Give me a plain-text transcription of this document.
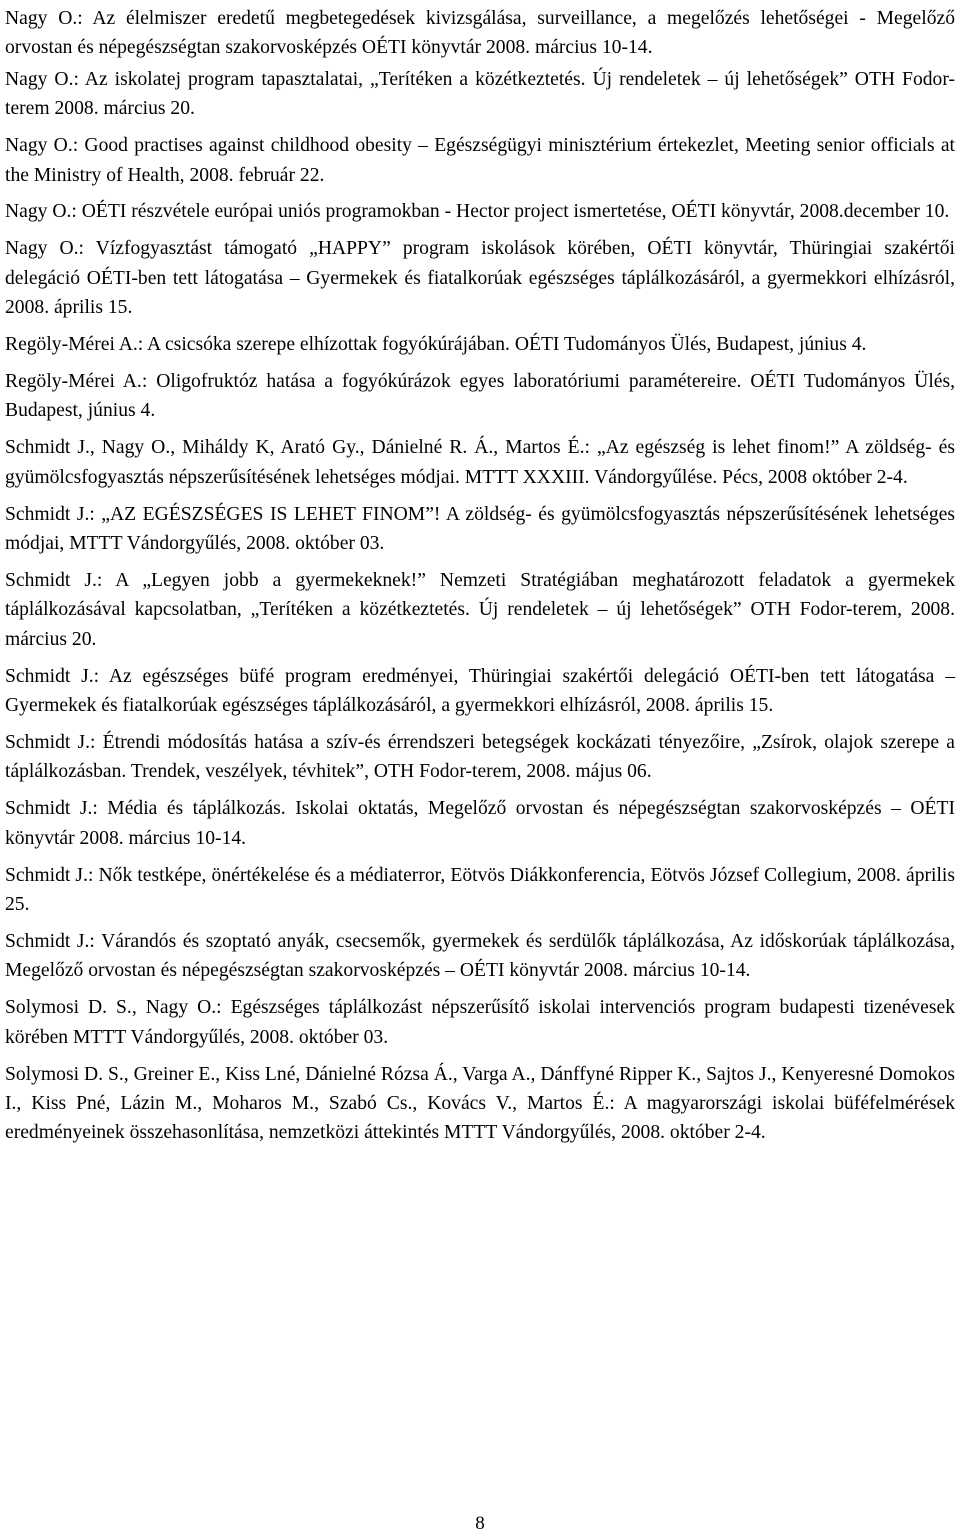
Nagy O.: Az élelmiszer eredetű megbetegedések kivizsgálása, surveillance, a megelőzés lehetőségei - Megelőző orvostan és népegészségtan szakorvosképzés OÉTI könyvtár 2008. március 10-14.

Nagy O.: Az iskolatej program tapasztalatai, „Terítéken a közétkeztetés. Új rendeletek – új lehetőségek” OTH Fodor-terem 2008. március 20.

Nagy O.: Good practises against childhood obesity – Egészségügyi minisztérium értekezlet, Meeting senior officials at the Ministry of Health, 2008. február 22.

Nagy O.: OÉTI részvétele európai uniós programokban - Hector project ismertetése, OÉTI könyvtár, 2008.december 10.

Nagy O.: Vízfogyasztást támogató „HAPPY” program iskolások körében, OÉTI könyvtár, Thüringiai szakértői delegáció OÉTI-ben tett látogatása – Gyermekek és fiatalkorúak egészséges táplálkozásáról, a gyermekkori elhízásról, 2008. április 15.

Regöly-Mérei A.: A csicsóka szerepe elhízottak fogyókúrájában. OÉTI Tudományos Ülés, Budapest, június 4.

Regöly-Mérei A.: Oligofruktóz hatása a fogyókúrázok egyes laboratóriumi paramétereire. OÉTI Tudományos Ülés, Budapest, június 4.

Schmidt J., Nagy O., Miháldy K, Arató Gy., Dánielné R. Á., Martos É.: „Az egészség is lehet finom!” A zöldség- és gyümölcsfogyasztás népszerűsítésének lehetséges módjai. MTTT XXXIII. Vándorgyűlése. Pécs, 2008 október 2-4.

Schmidt J.: „AZ EGÉSZSÉGES IS LEHET FINOM”! A zöldség- és gyümölcsfogyasztás népszerűsítésének lehetséges módjai, MTTT Vándorgyűlés, 2008. október 03.

Schmidt J.: A „Legyen jobb a gyermekeknek!” Nemzeti Stratégiában meghatározott feladatok a gyermekek táplálkozásával kapcsolatban, „Terítéken a közétkeztetés. Új rendeletek – új lehetőségek” OTH Fodor-terem, 2008. március 20.

Schmidt J.: Az egészséges büfé program eredményei, Thüringiai szakértői delegáció OÉTI-ben tett látogatása – Gyermekek és fiatalkorúak egészséges táplálkozásáról, a gyermekkori elhízásról, 2008. április 15.

Schmidt J.: Étrendi módosítás hatása a szív-és érrendszeri betegségek kockázati tényezőire, „Zsírok, olajok szerepe a táplálkozásban. Trendek, veszélyek, tévhitek”, OTH Fodor-terem, 2008. május 06.

Schmidt J.: Média és táplálkozás. Iskolai oktatás, Megelőző orvostan és népegészségtan szakorvosképzés – OÉTI könyvtár 2008. március 10-14.

Schmidt J.: Nők testképe, önértékelése és a médiaterror, Eötvös Diákkonferencia, Eötvös József Collegium, 2008. április 25.

Schmidt J.: Várandós és szoptató anyák, csecsemők, gyermekek és serdülők táplálkozása, Az időskorúak táplálkozása, Megelőző orvostan és népegészségtan szakorvosképzés – OÉTI könyvtár 2008. március 10-14.

Solymosi D. S., Nagy O.: Egészséges táplálkozást népszerűsítő iskolai intervenciós program budapesti tizenévesek körében MTTT Vándorgyűlés, 2008. október 03.

Solymosi D. S., Greiner E., Kiss Lné, Dánielné Rózsa Á., Varga A., Dánffyné Ripper K., Sajtos J., Kenyeresné Domokos I., Kiss Pné, Lázin M., Moharos M., Szabó Cs., Kovács V., Martos É.: A magyarországi iskolai büféfelmérések eredményeinek összehasonlítása, nemzetközi áttekintés MTTT Vándorgyűlés, 2008. október 2-4.

8
